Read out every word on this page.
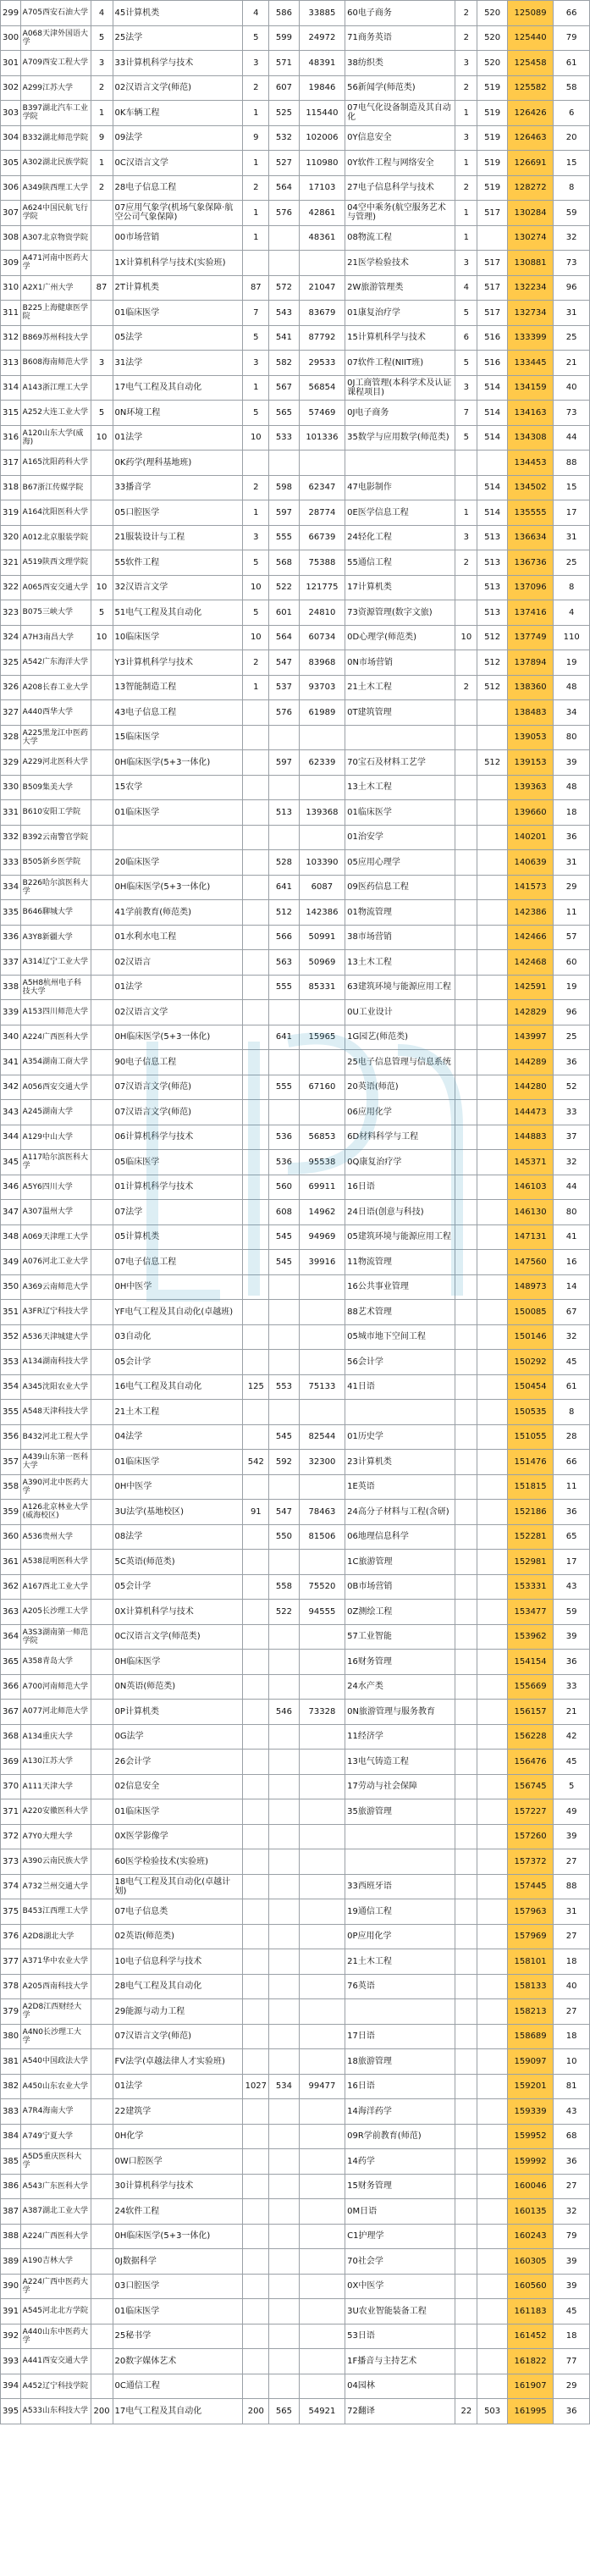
299	A705西安石油大学	4	45计算机类	4	586	33885	60电子商务	2	520	125089	66
300	A068天津外国语大学	5	25法学	5	599	24972	71商务英语	2	520	125440	79
301	A709西安工程大学	3	33计算机科学与技术	3	571	48391	38纺织类	3	520	125458	61
302	A299江苏大学	2	02汉语言文学(师范)	2	607	19846	56新闻学(师范类)	2	519	125582	58
303	B397湖北汽车工业学院	1	0K车辆工程	1	525	115440	07电气化设备制造及其自动化	1	519	126426	6
304	B332湖北师范学院	9	09法学	9	532	102006	0Y信息安全	3	519	126463	20
305	A302湖北民族学院	1	0C汉语言文学	1	527	110980	0Y软件工程与网络安全	1	519	126691	15
306	A349陕西理工大学	2	28电子信息工程	2	564	17103	27电子信息科学与技术	2	519	128272	8
307	A624中国民航飞行学院		07应用气象学(机场气象保障·航空公司气象保障)	1	576	42861	04空中乘务(航空服务艺术与管理)	1	517	130284	59
308	A307北京物资学院		00市场营销	1		48361	08物流工程	1		130274	32
309	A471河南中医药大学		1X计算机科学与技术(实验班)				21医学检验技术	3	517	130881	73
310	A2X1广州大学	87	2T计算机类	87	572	21047	2W旅游管理类	4	517	132234	96
311	B225上海健康医学院		01临床医学	7	543	83679	01康复治疗学	5	517	132734	31
312	B869苏州科技大学		05法学	5	541	87792	15计算机科学与技术	6	516	133399	25
313	B608海南师范大学	3	31法学	3	582	29533	07软件工程(NIIT班)	5	516	133445	21
314	A143浙江理工大学		17电气工程及其自动化	1	567	56854	0J工商管理(本科学术及认证课程项目)	3	514	134159	40
315	A252大连工业大学	5	0N环境工程	5	565	57469	0J电子商务	7	514	134163	73
316	A120山东大学(威海)	10	01法学	10	533	101336	35数学与应用数学(师范类)	5	514	134308	44
317	A165沈阳药科大学		0K药学(理科基地班)							134453	88
318	B67浙江传媒学院		33播音学	2	598	62347	47电影制作		514	134502	15
319	A164沈阳医科大学		05口腔医学	1	597	28774	0E医学信息工程	1	514	135555	17
320	A012北京服装学院		21服装设计与工程	3	555	66739	24轻化工程	3	513	136634	31
321	A519陕西文理学院		55软件工程	5	568	75388	55通信工程	2	513	136736	25
322	A065西安交通大学	10	32汉语言文学	10	522	121775	17计算机类		513	137096	8
323	B075三峡大学	5	51电气工程及其自动化	5	601	24810	73资源管理(数字文旅)		513	137416	4
324	A7H3南昌大学	10	10临床医学	10	564	60734	0D心理学(师范类)	10	512	137749	110
325	A542广东海洋大学		Y3计算机科学与技术	2	547	83968	0N市场营销		512	137894	19
326	A208长春工业大学		13智能制造工程	1	537	93703	21土木工程	2	512	138360	48
327	A440西华大学		43电子信息工程		576	61989	0T建筑管理			138483	34
328	A225黑龙江中医药大学		15临床医学							139053	80
329	A229河北医科大学		0H临床医学(5+3一体化)		597	62339	70宝石及材料工艺学		512	139153	39
330	B509集美大学		15农学				13土木工程			139363	48
331	B610安阳工学院		01临床医学		513	139368	01临床医学			139660	18
332	B392云南警官学院						01治安学			140201	36
333	B505新乡医学院		20临床医学		528	103390	05应用心理学			140639	31
334	B226哈尔滨医科大学		0H临床医学(5+3一体化)		641	6087	09医药信息工程			141573	29
335	B646聊城大学		41学前教育(师范类)		512	142386	01物流管理			142386	11
336	A3Y8新疆大学		01水利水电工程		566	50991	38市场营销			142466	57
337	A314辽宁工业大学		02汉语言		563	50969	13土木工程			142468	60
338	A5H8杭州电子科技大学		01法学		555	85331	63建筑环境与能源应用工程			142591	19
339	A153四川师范大学		02汉语言文学				0U工业设计			142829	96
340	A224广西医科大学		0H临床医学(5+3一体化)		641	15965	1G园艺(师范类)			143997	25
341	A354湖南工商大学		90电子信息工程				25电子信息管理与信息系统			144289	36
342	A056西安交通大学		07汉语言文学(师范)		555	67160	20英语(师范)			144280	52
343	A245湖南大学		07汉语言文学(师范)				06应用化学			144473	33
344	A129中山大学		06计算机科学与技术		536	56853	6D材料科学与工程			144883	37
345	A117哈尔滨医科大学		05临床医学		536	95538	0Q康复治疗学			145371	32
346	A5Y6四川大学		01计算机科学与技术		560	69911	16日语			146103	44
347	A307温州大学		07法学		608	14962	24日语(创意与科技)			146130	80
348	A069天津理工大学		05计算机类		545	94969	05建筑环境与能源应用工程			147131	41
349	A076河北工业大学		07电子信息工程		545	39916	11物流管理			147560	16
350	A369云南师范大学		0H中医学				16公共事业管理			148973	14
351	A3FR辽宁科技大学		YF电气工程及其自动化(卓越班)				88艺术管理			150085	67
352	A536天津城建大学		03自动化				05城市地下空间工程			150146	32
353	A134湖南科技大学		05会计学				56会计学			150292	45
354	A345沈阳农业大学		16电气工程及其自动化	125	553	75133	41日语			150454	61
355	A548天津科技大学		21土木工程							150535	8
356	B432河北工程大学		04法学		545	82544	01历史学			151055	28
357	A439山东第一医科大学		01临床医学	542	592	32300	23计算机类			151476	66
358	A390河北中医药大学		0H中医学				1E英语			151815	11
359	A126北京林业大学(威海校区)		3U法学(基地校区)	91	547	78463	24高分子材料与工程(含研)			152186	36
360	A536贵州大学		08法学		550	81506	06地理信息科学			152281	65
361	A538昆明医科大学		5C英语(师范类)				1C旅游管理			152981	17
362	A167西北工业大学		05会计学		558	75520	0B市场营销			153331	43
363	A205长沙理工大学		0X计算机科学与技术		522	94555	0Z测绘工程			153477	59
364	A3S3湖南第一师范学院		0C汉语言文学(师范类)				57工业智能			153962	39
365	A358青岛大学		0H临床医学				16财务管理			154154	36
366	A700河南师范大学		0N英语(师范类)				24水产类			155669	33
367	A077河北师范大学		0P计算机类		546	73328	0N旅游管理与服务教育			156157	21
368	A134重庆大学		0G法学				11经济学			156228	42
369	A130江苏大学		26会计学				13电气铸造工程			156476	45
370	A111天津大学		02信息安全				17劳动与社会保障			156745	5
371	A220安徽医科大学		01临床医学				35旅游管理			157227	49
372	A7Y0大理大学		0X医学影像学							157260	39
373	A390云南民族大学		60医学检验技术(实验班)							157372	27
374	A732兰州交通大学		18电气工程及其自动化(卓越计划)				33西班牙语			157445	88
375	B453江西理工大学		07电子信息类				19通信工程			157963	31
376	A2D8湖北大学		02英语(师范类)				0P应用化学			157969	27
377	A371华中农业大学		10电子信息科学与技术				21土木工程			158101	18
378	A205西南科技大学		28电气工程及其自动化				76英语			158133	40
379	A2D8江西财经大学		29能源与动力工程							158213	27
380	A4N0长沙理工大学		07汉语言文学(师范)				17日语			158689	18
381	A540中国政法大学		FV法学(卓越法律人才实验班)				18旅游管理			159097	10
382	A450山东农业大学		01法学	1027	534	99477	16日语			159201	81
383	A7R4海南大学		22建筑学				14海洋药学			159339	43
384	A749宁夏大学		0H化学				09R学前教育(师范)			159952	68
385	A5D5重庆医科大学		0W口腔医学				14药学			159992	36
386	A543广东医科大学		30计算机科学与技术				15财务管理			160046	27
387	A387湖北工业大学		24软件工程				0M日语			160135	32
388	A224广西医科大学		0H临床医学(5+3一体化)				C1护理学			160243	79
389	A190吉林大学		0J数据科学				70社会学			160305	39
390	A224广西中医药大学		03口腔医学				0X中医学			160560	39
391	A545河北北方学院		01临床医学				3U农业智能装备工程			161183	45
392	A440山东中医药大学		25秘书学				53日语			161452	18
393	A441西安交通大学		20数字媒体艺术				1F播音与主持艺术			161822	77
394	A452辽宁科技学院		0C通信工程				04园林			161907	29
395	A533山东科技大学	200	17电气工程及其自动化	200	565	54921	72翻译	22	503	161995	36
